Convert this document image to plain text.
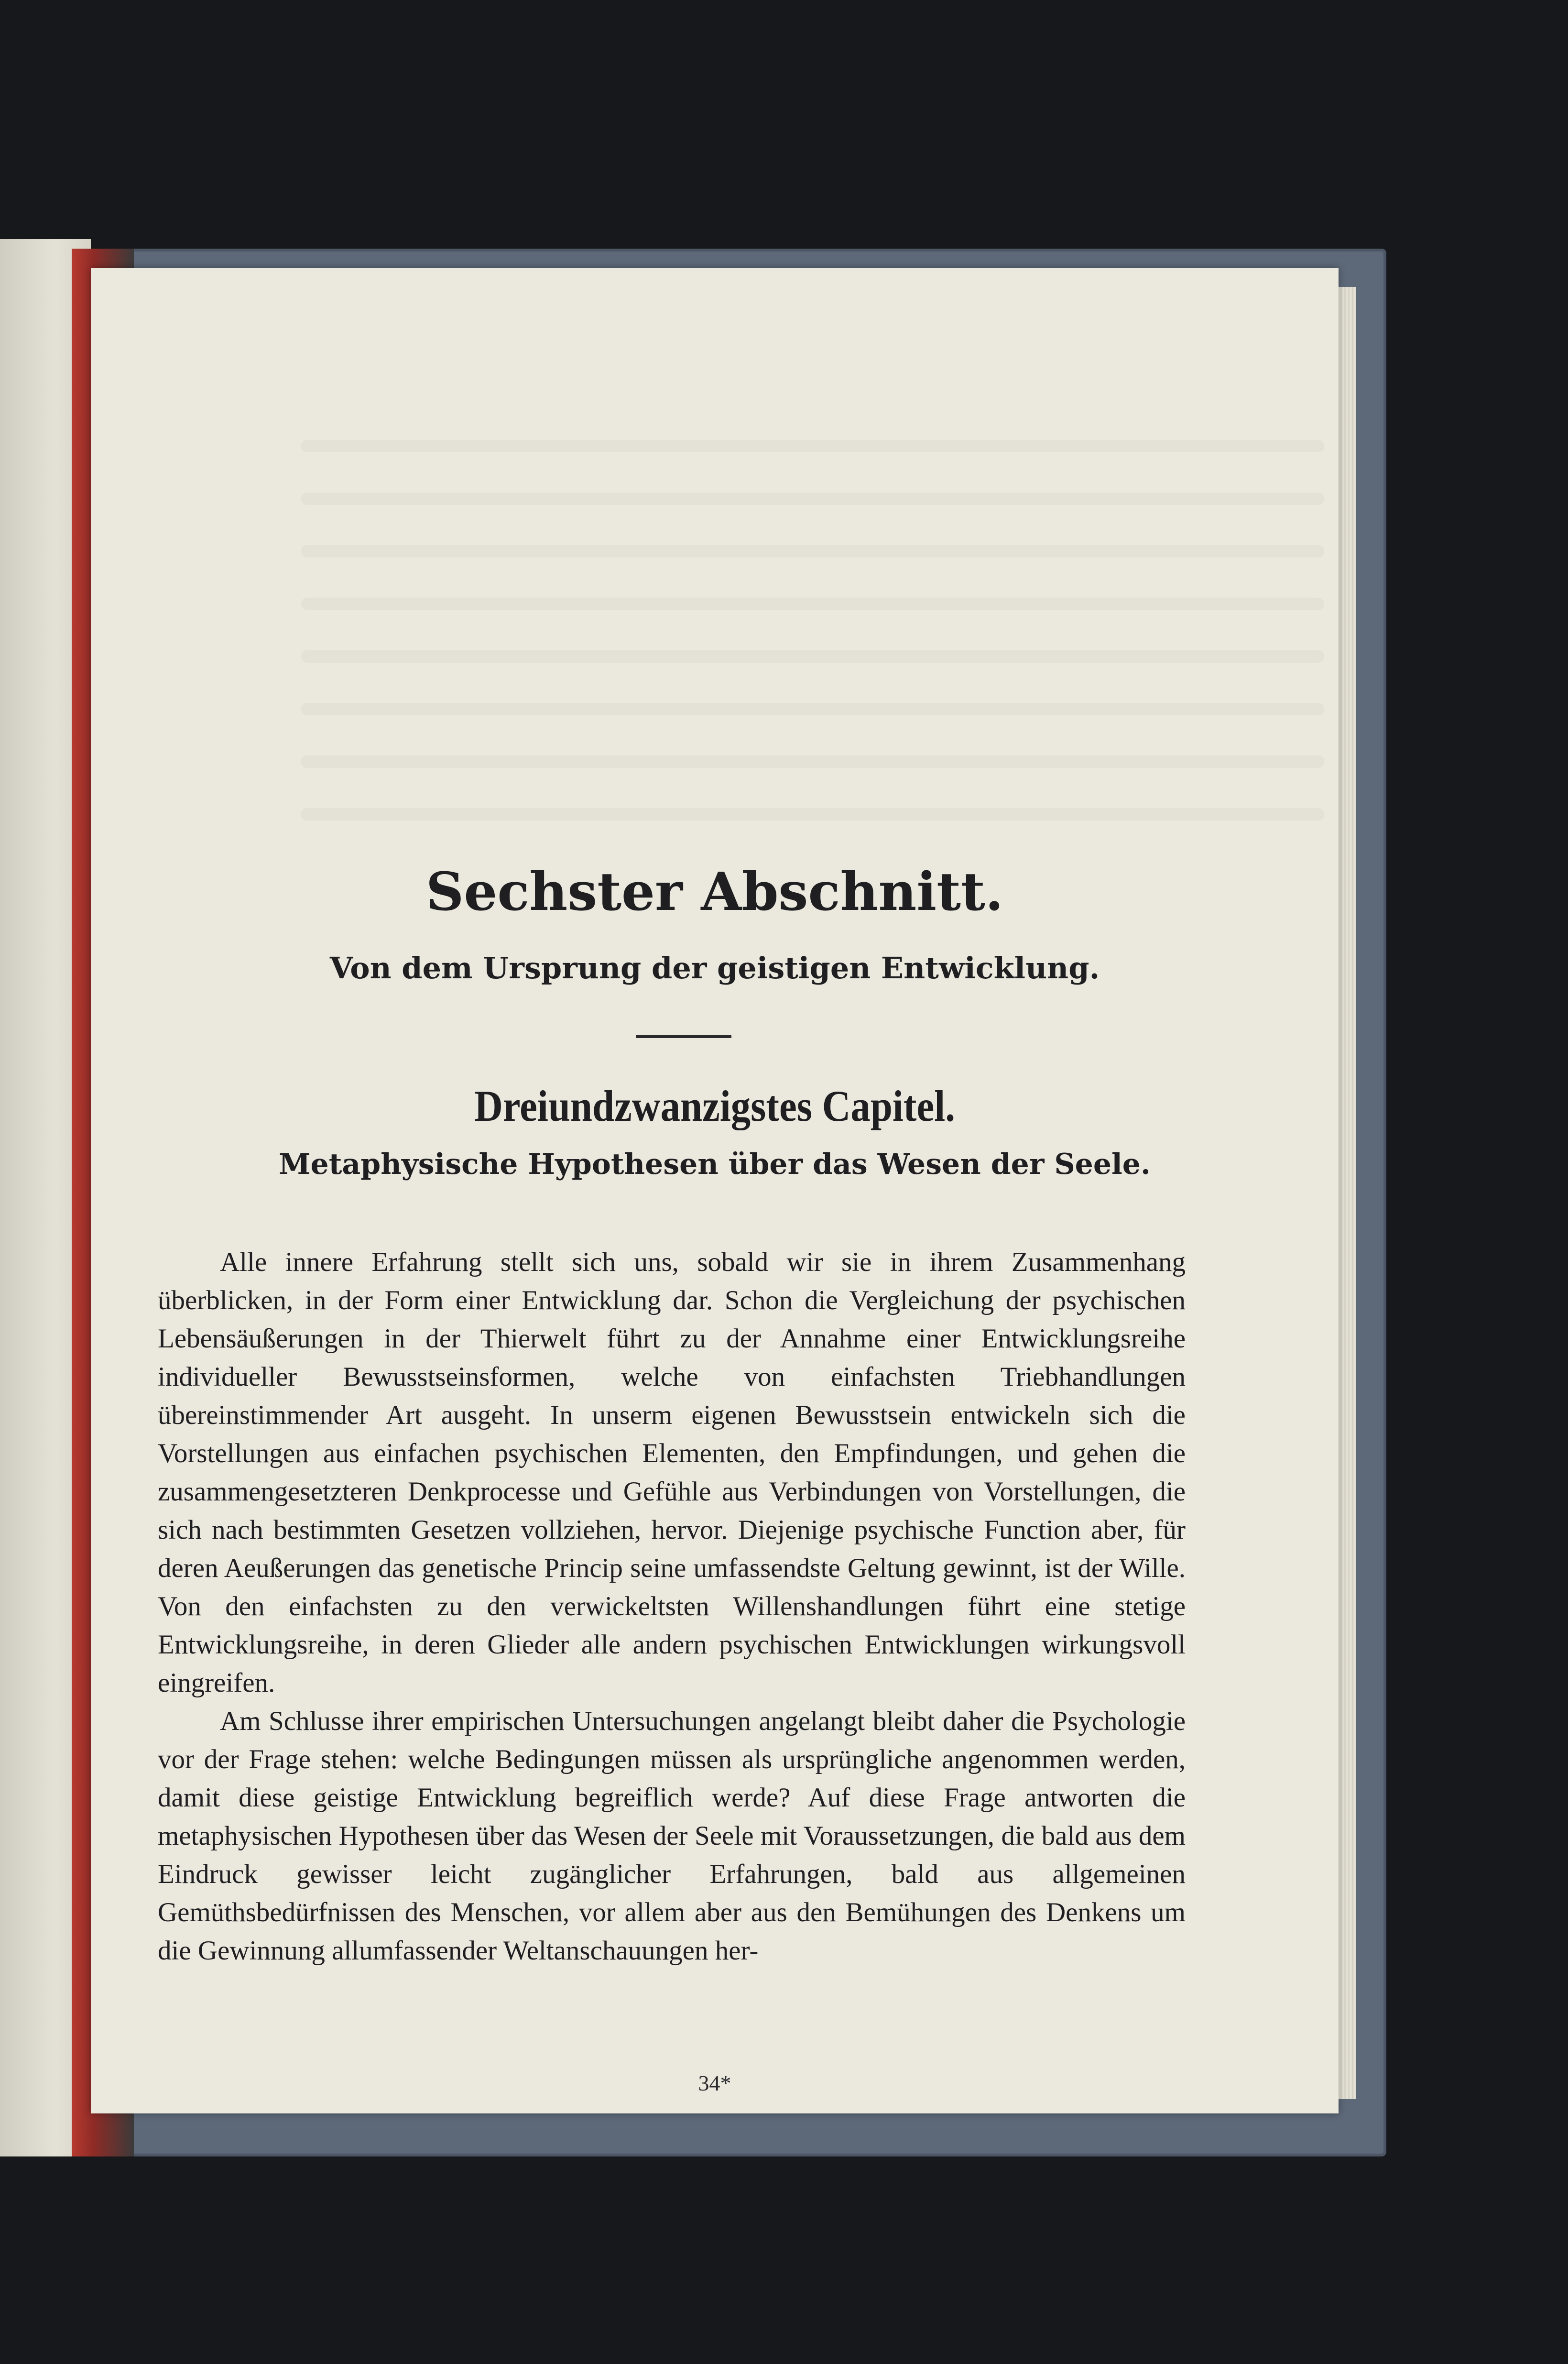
Sechster Abschnitt.
Von dem Ursprung der geistigen Entwicklung.
Dreiundzwanzigstes Capitel.
Metaphysische Hypothesen über das Wesen der Seele.

Alle innere Erfahrung stellt sich uns, sobald wir sie in ihrem Zusammenhang überblicken, in der Form einer Entwicklung dar. Schon die Vergleichung der psychischen Lebensäußerungen in der Thierwelt führt zu der Annahme einer Entwicklungsreihe individueller Bewusstseinsformen, welche von einfachsten Triebhandlungen übereinstimmender Art ausgeht. In unserm eigenen Bewusstsein entwickeln sich die Vorstellungen aus einfachen psychischen Elementen, den Empfindungen, und gehen die zusammengesetzteren Denkprocesse und Gefühle aus Verbindungen von Vorstellungen, die sich nach bestimmten Gesetzen vollziehen, hervor. Diejenige psychische Function aber, für deren Aeußerungen das genetische Princip seine umfassendste Geltung gewinnt, ist der Wille. Von den einfachsten zu den verwickeltsten Willenshandlungen führt eine stetige Entwicklungsreihe, in deren Glieder alle andern psychischen Entwicklungen wirkungsvoll eingreifen.

Am Schlusse ihrer empirischen Untersuchungen angelangt bleibt daher die Psychologie vor der Frage stehen: welche Bedingungen müssen als ursprüngliche angenommen werden, damit diese geistige Entwicklung begreiflich werde? Auf diese Frage antworten die metaphysischen Hypothesen über das Wesen der Seele mit Voraussetzungen, die bald aus dem Eindruck gewisser leicht zugänglicher Erfahrungen, bald aus allgemeinen Gemüthsbedürfnissen des Menschen, vor allem aber aus den Bemühungen des Denkens um die Gewinnung allumfassender Weltanschauungen her-

34*
